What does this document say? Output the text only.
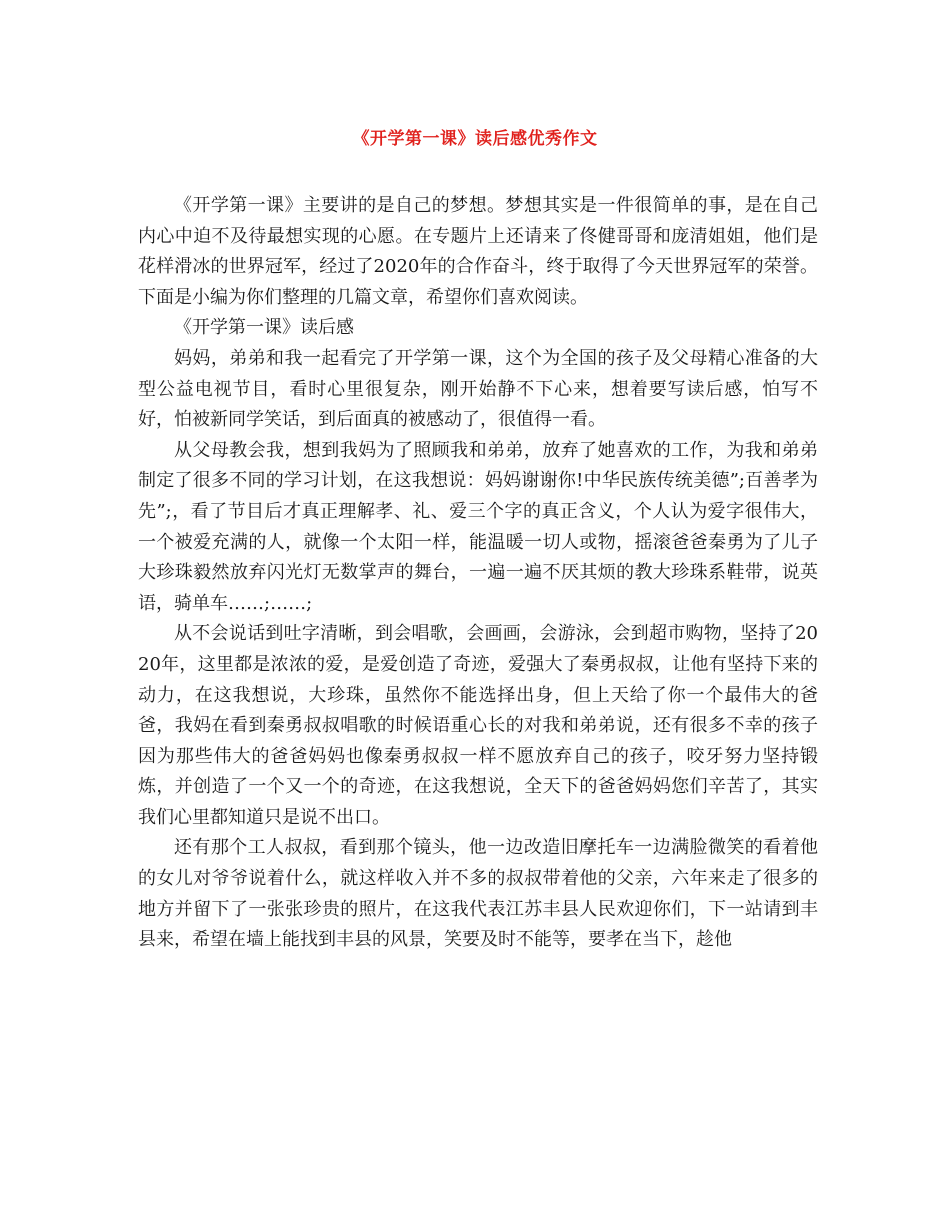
《开学第一课》读后感优秀作文

《开学第一课》主要讲的是自己的梦想。梦想其实是一件很简单的事，是在自己内心中迫不及待最想实现的心愿。在专题片上还请来了佟健哥哥和庞清姐姐，他们是花样滑冰的世界冠军，经过了2020年的合作奋斗，终于取得了今天世界冠军的荣誉。下面是小编为你们整理的几篇文章，希望你们喜欢阅读。

《开学第一课》读后感

妈妈，弟弟和我一起看完了开学第一课，这个为全国的孩子及父母精心准备的大型公益电视节目，看时心里很复杂，刚开始静不下心来，想着要写读后感，怕写不好，怕被新同学笑话，到后面真的被感动了，很值得一看。

从父母教会我，想到我妈为了照顾我和弟弟，放弃了她喜欢的工作，为我和弟弟制定了很多不同的学习计划，在这我想说：妈妈谢谢你!中华民族传统美德”;百善孝为先”;，看了节目后才真正理解孝、礼、爱三个字的真正含义，个人认为爱字很伟大，一个被爱充满的人，就像一个太阳一样，能温暖一切人或物，摇滚爸爸秦勇为了儿子大珍珠毅然放弃闪光灯无数掌声的舞台，一遍一遍不厌其烦的教大珍珠系鞋带，说英语，骑单车……;……;

从不会说话到吐字清晰，到会唱歌，会画画，会游泳，会到超市购物，坚持了2020年，这里都是浓浓的爱，是爱创造了奇迹，爱强大了秦勇叔叔，让他有坚持下来的动力，在这我想说，大珍珠，虽然你不能选择出身，但上天给了你一个最伟大的爸爸，我妈在看到秦勇叔叔唱歌的时候语重心长的对我和弟弟说，还有很多不幸的孩子因为那些伟大的爸爸妈妈也像秦勇叔叔一样不愿放弃自己的孩子，咬牙努力坚持锻炼，并创造了一个又一个的奇迹，在这我想说，全天下的爸爸妈妈您们辛苦了，其实我们心里都知道只是说不出口。

还有那个工人叔叔，看到那个镜头，他一边改造旧摩托车一边满脸微笑的看着他的女儿对爷爷说着什么，就这样收入并不多的叔叔带着他的父亲，六年来走了很多的地方并留下了一张张珍贵的照片，在这我代表江苏丰县人民欢迎你们，下一站请到丰县来，希望在墙上能找到丰县的风景，笑要及时不能等，要孝在当下，趁他
